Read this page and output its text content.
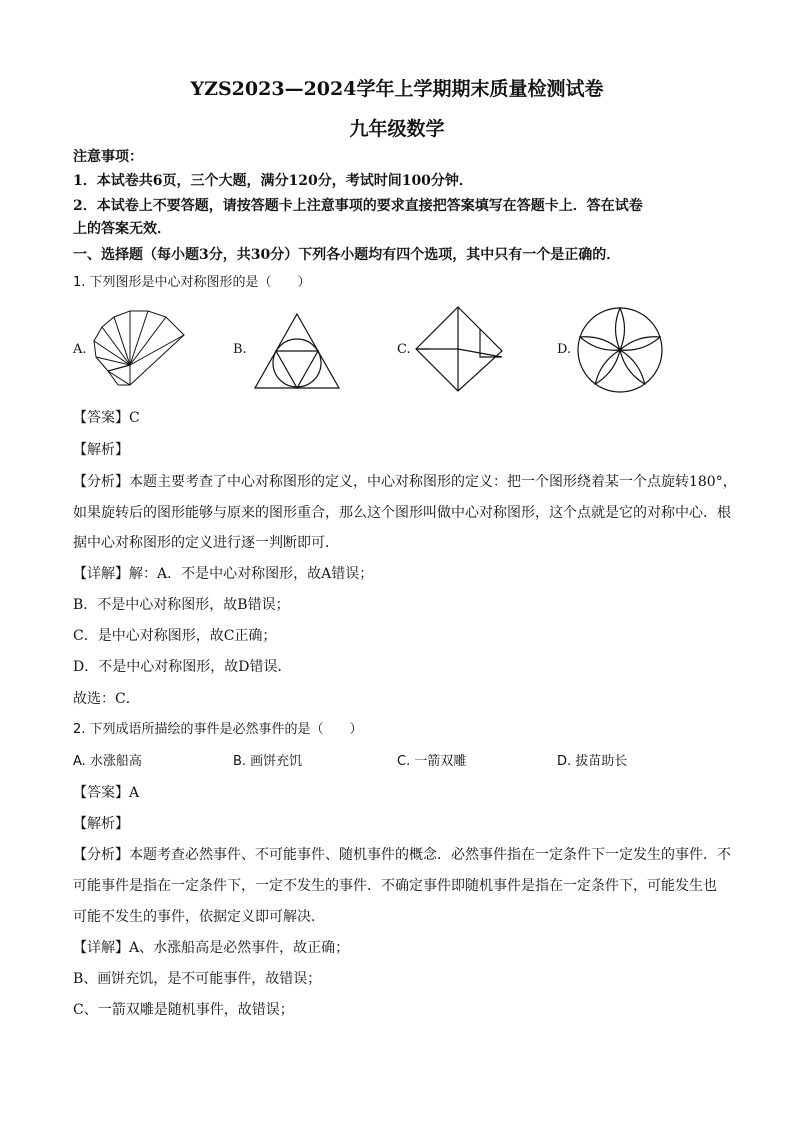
YZS2023—2024学年上学期期末质量检测试卷
九年级数学
注意事项：
1．本试卷共6页，三个大题，满分120分，考试时间100分钟．
2．本试卷上不要答题，请按答题卡上注意事项的要求直接把答案填写在答题卡上．答在试卷
上的答案无效．
一、选择题（每小题3分，共30分）下列各小题均有四个选项，其中只有一个是正确的．
1. 下列图形是中心对称图形的是（　　）
A.	B.	C.	D.
【答案】C
【解析】
【分析】本题主要考查了中心对称图形的定义，中心对称图形的定义：把一个图形绕着某一个点旋转180°，
如果旋转后的图形能够与原来的图形重合，那么这个图形叫做中心对称图形，这个点就是它的对称中心．根
据中心对称图形的定义进行逐一判断即可．
【详解】解：A．不是中心对称图形，故A错误；
B．不是中心对称图形，故B错误；
C．是中心对称图形，故C正确；
D．不是中心对称图形，故D错误．
故选：C．
2. 下列成语所描绘的事件是必然事件的是（　　）
A. 水涨船高	B. 画饼充饥	C. 一箭双雕	D. 拔苗助长
【答案】A
【解析】
【分析】本题考查必然事件、不可能事件、随机事件的概念．必然事件指在一定条件下一定发生的事件．不
可能事件是指在一定条件下，一定不发生的事件．不确定事件即随机事件是指在一定条件下，可能发生也
可能不发生的事件，依据定义即可解决．
【详解】A、水涨船高是必然事件，故正确；
B、画饼充饥，是不可能事件，故错误；
C、一箭双雕是随机事件，故错误；
